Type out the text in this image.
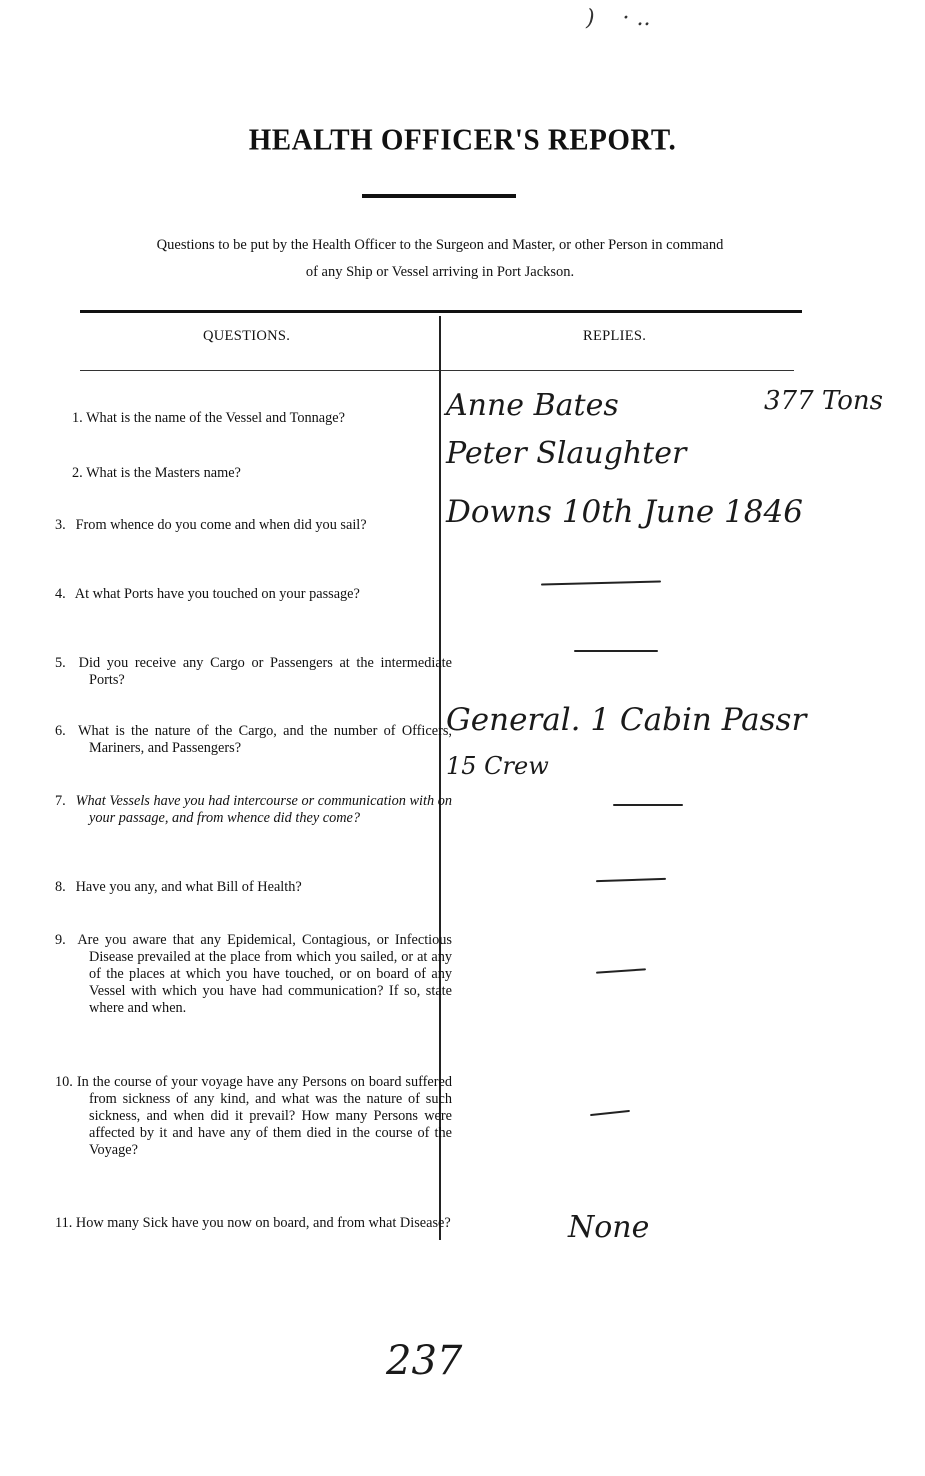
)    · ..
HEALTH OFFICER'S REPORT.
Questions to be put by the Health Officer to the Surgeon and Master, or other Person in command
of any Ship or Vessel arriving in Port Jackson.
QUESTIONS.	REPLIES.
1. What is the name of the Vessel and Tonnage?
2. What is the Masters name?
3. From whence do you come and when did you sail?
4. At what Ports have you touched on your passage?
5. Did you receive any Cargo or Passengers at the intermediate Ports?
6. What is the nature of the Cargo, and the number of Officers, Mariners, and Passengers?
7. What Vessels have you had intercourse or communication with on your passage, and from whence did they come?
8. Have you any, and what Bill of Health?
9. Are you aware that any Epidemical, Contagious, or Infectious Disease prevailed at the place from which you sailed, or at any of the places at which you have touched, or on board of any Vessel with which you have had communication? If so, state where and when.
10. In the course of your voyage have any Persons on board suffered from sickness of any kind, and what was the nature of such sickness, and when did it prevail? How many Persons were affected by it and have any of them died in the course of the Voyage?
11. How many Sick have you now on board, and from what Disease?
Anne Bates	377 Tons
Peter Slaughter
Downs 10th June 1846
General. 1 Cabin Passr
15 Crew
None
237
